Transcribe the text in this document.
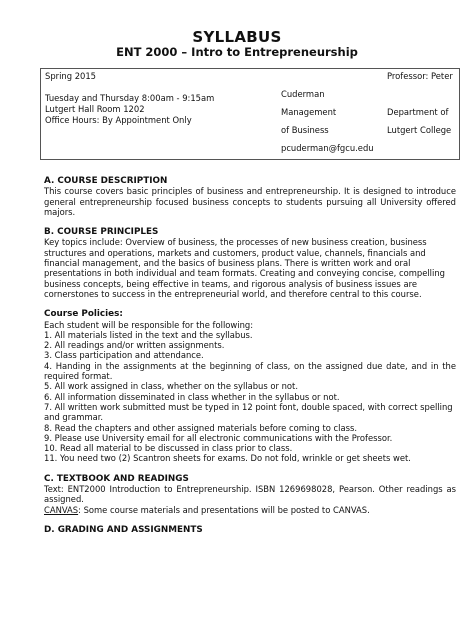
SYLLABUS
ENT 2000 – Intro to Entrepreneurship
Spring 2015
Tuesday and Thursday 8:00am - 9:15am
Lutgert Hall Room 1202
Office Hours: By Appointment Only
Cuderman
Management
of Business
pcuderman@fgcu.edu
Professor: Peter
Department of
Lutgert College
A. COURSE DESCRIPTION
This course covers basic principles of business and entrepreneurship. It is designed to introduce general entrepreneurship focused business concepts to students pursuing all University offered majors.
B. COURSE PRINCIPLES
Key topics include: Overview of business, the processes of new business creation, business structures and operations, markets and customers, product value, channels, financials and financial management, and the basics of business plans. There is written work and oral presentations in both individual and team formats. Creating and conveying concise, compelling business concepts, being effective in teams, and rigorous analysis of business issues are cornerstones to success in the entrepreneurial world, and therefore central to this course.
Course Policies:
Each student will be responsible for the following:
1. All materials listed in the text and the syllabus.
2. All readings and/or written assignments.
3. Class participation and attendance.
4. Handing in the assignments at the beginning of class, on the assigned due date, and in the required format.
5. All work assigned in class, whether on the syllabus or not.
6. All information disseminated in class whether in the syllabus or not.
7. All written work submitted must be typed in 12 point font, double spaced, with correct spelling and grammar.
8. Read the chapters and other assigned materials before coming to class.
9. Please use University email for all electronic communications with the Professor.
10. Read all material to be discussed in class prior to class.
11. You need two (2) Scantron sheets for exams. Do not fold, wrinkle or get sheets wet.
C. TEXTBOOK AND READINGS
Text: ENT2000 Introduction to Entrepreneurship. ISBN 1269698028, Pearson. Other readings as assigned.
CANVAS: Some course materials and presentations will be posted to CANVAS.
D. GRADING AND ASSIGNMENTS
